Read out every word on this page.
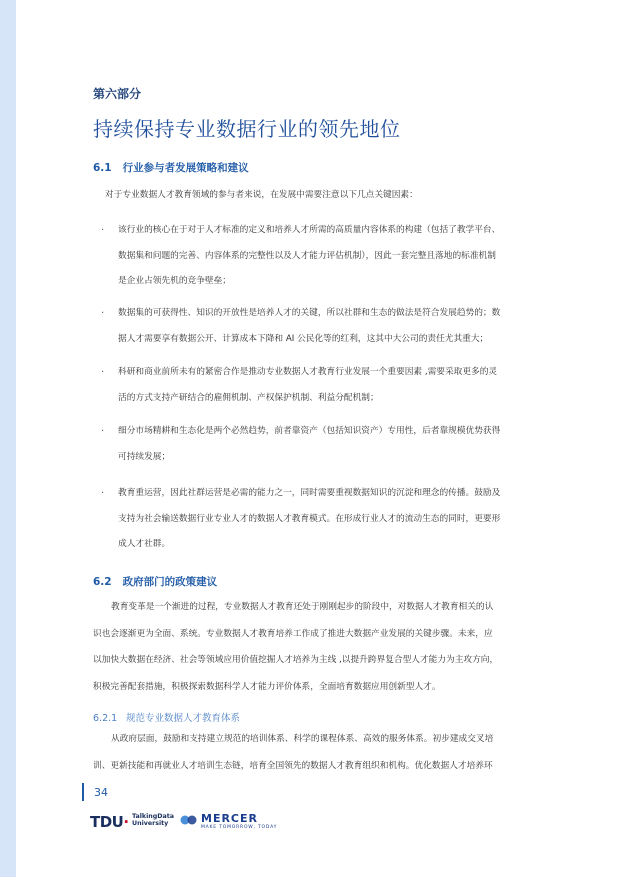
第六部分
持续保持专业数据行业的领先地位
6.1 行业参与者发展策略和建议
对于专业数据人才教育领域的参与者来说，在发展中需要注意以下几点关键因素：
· 该行业的核心在于对于人才标准的定义和培养人才所需的高质量内容体系的构建（包括了教学平台、
数据集和问题的完善、内容体系的完整性以及人才能力评估机制），因此一套完整且落地的标准机制
是企业占领先机的竞争壁垒；
· 数据集的可获得性、知识的开放性是培养人才的关键，所以社群和生态的做法是符合发展趋势的；数
据人才需要享有数据公开、计算成本下降和 AI 公民化等的红利，这其中大公司的责任尤其重大；
· 科研和商业前所未有的紧密合作是推动专业数据人才教育行业发展一个重要因素 ,需要采取更多的灵
活的方式支持产研结合的雇佣机制、产权保护机制、利益分配机制；
· 细分市场精耕和生态化是两个必然趋势，前者靠资产（包括知识资产）专用性，后者靠规模优势获得
可持续发展；
· 教育重运营，因此社群运营是必需的能力之一，同时需要重视数据知识的沉淀和理念的传播。鼓励及
支持为社会输送数据行业专业人才的数据人才教育模式。在形成行业人才的流动生态的同时，更要形
成人才社群。
6.2 政府部门的政策建议
教育变革是一个渐进的过程，专业数据人才教育还处于刚刚起步的阶段中，对数据人才教育相关的认
识也会逐渐更为全面、系统。专业数据人才教育培养工作成了推进大数据产业发展的关键步骤。未来，应
以加快大数据在经济、社会等领域应用价值挖掘人才培养为主线 ,以提升跨界复合型人才能力为主攻方向，
积极完善配套措施，积极探索数据科学人才能力评价体系，全面培育数据应用创新型人才。
6.2.1 规范专业数据人才教育体系
从政府层面，鼓励和支持建立规范的培训体系、科学的课程体系、高效的服务体系。初步建成交叉培
训、更新技能和再就业人才培训生态链，培育全国领先的数据人才教育组织和机构。优化数据人才培养环
34
TDU· TalkingData
University	MERCER
MAKE TOMORROW, TODAY
